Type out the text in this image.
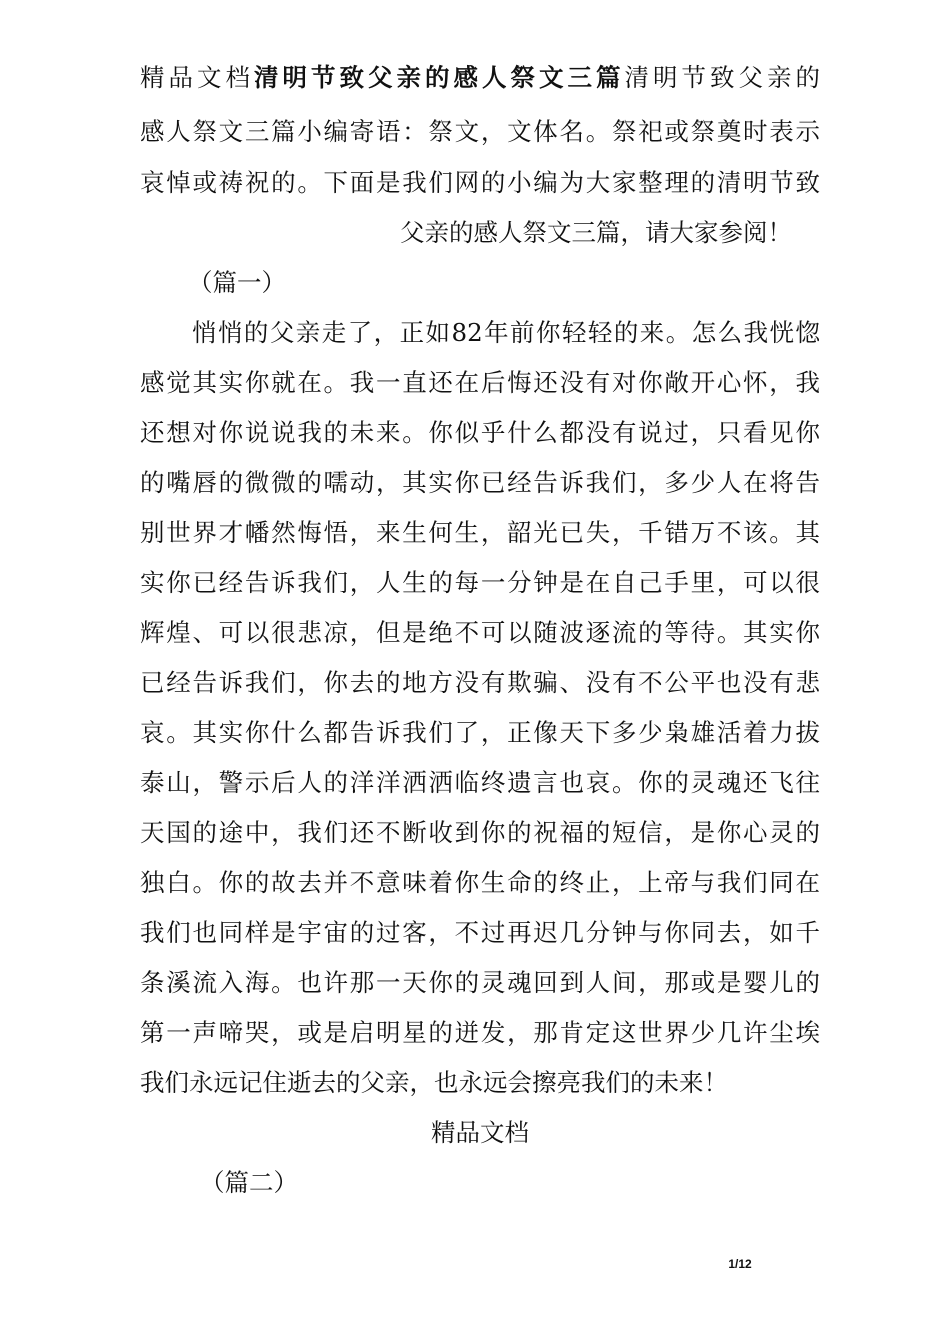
精品文档清明节致父亲的感人祭文三篇清明节致父亲的
感人祭文三篇小编寄语：祭文，文体名。祭祀或祭奠时表示
哀悼或祷祝的。下面是我们网的小编为大家整理的清明节致
父亲的感人祭文三篇，请大家参阅！
（篇一）
悄悄的父亲走了，正如82年前你轻轻的来。怎么我恍惚
感觉其实你就在。我一直还在后悔还没有对你敞开心怀，我
还想对你说说我的未来。你似乎什么都没有说过，只看见你
的嘴唇的微微的嚅动，其实你已经告诉我们，多少人在将告
别世界才幡然悔悟，来生何生，韶光已失，千错万不该。其
实你已经告诉我们，人生的每一分钟是在自己手里，可以很
辉煌、可以很悲凉，但是绝不可以随波逐流的等待。其实你
已经告诉我们，你去的地方没有欺骗、没有不公平也没有悲
哀。其实你什么都告诉我们了，正像天下多少枭雄活着力拔
泰山，警示后人的洋洋洒洒临终遗言也哀。你的灵魂还飞往
天国的途中，我们还不断收到你的祝福的短信，是你心灵的
独白。你的故去并不意味着你生命的终止，上帝与我们同在
我们也同样是宇宙的过客，不过再迟几分钟与你同去，如千
条溪流入海。也许那一天你的灵魂回到人间，那或是婴儿的
第一声啼哭，或是启明星的迸发，那肯定这世界少几许尘埃
我们永远记住逝去的父亲，也永远会擦亮我们的未来！
精品文档
（篇二）
1/12
